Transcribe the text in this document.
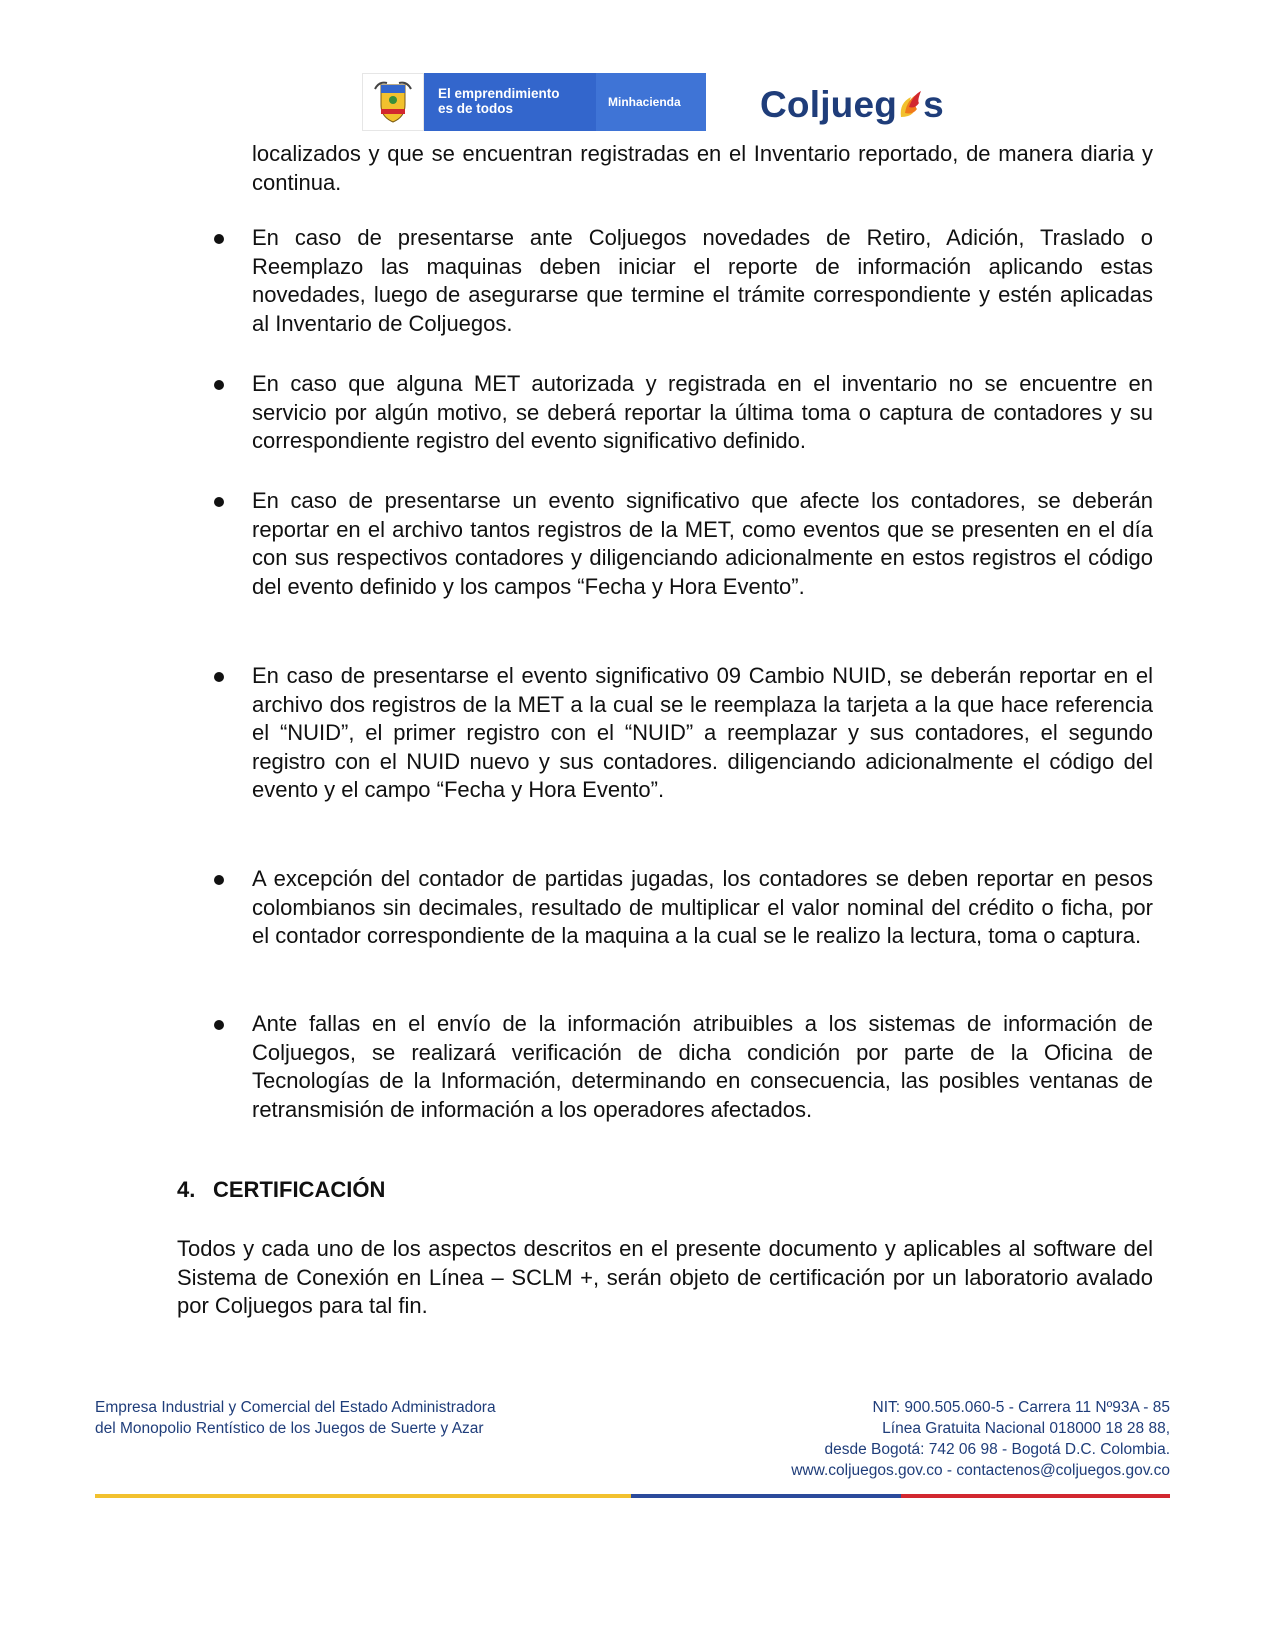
El emprendimiento
es de todos	Minhacienda	Coljueg s
localizados y que se encuentran registradas en el Inventario reportado, de manera diaria y continua.
En caso de presentarse ante Coljuegos novedades de Retiro, Adición, Traslado o Reemplazo las maquinas deben iniciar el reporte de información aplicando estas novedades, luego de asegurarse que termine el trámite correspondiente y estén aplicadas al Inventario de Coljuegos.
En caso que alguna MET autorizada y registrada en el inventario no se encuentre en servicio por algún motivo, se deberá reportar la última toma o captura de contadores y su correspondiente registro del evento significativo definido.
En caso de presentarse un evento significativo que afecte los contadores, se deberán reportar en el archivo tantos registros de la MET, como eventos que se presenten en el día con sus respectivos contadores y diligenciando adicionalmente en estos registros el código del evento definido y los campos “Fecha y Hora Evento”.
En caso de presentarse el evento significativo 09 Cambio NUID, se deberán reportar en el archivo dos registros de la MET a la cual se le reemplaza la tarjeta a la que hace referencia el “NUID”, el primer registro con el “NUID” a reemplazar y sus contadores, el segundo registro con el NUID nuevo y sus contadores. diligenciando adicionalmente el código del evento y el campo “Fecha y Hora Evento”.
A excepción del contador de partidas jugadas, los contadores se deben reportar en pesos colombianos sin decimales, resultado de multiplicar el valor nominal del crédito o ficha, por el contador correspondiente de la maquina a la cual se le realizo la lectura, toma o captura.
Ante fallas en el envío de la información atribuibles a los sistemas de información de Coljuegos, se realizará verificación de dicha condición por parte de la Oficina de Tecnologías de la Información, determinando en consecuencia, las posibles ventanas de retransmisión de información a los operadores afectados.
4. CERTIFICACIÓN
Todos y cada uno de los aspectos descritos en el presente documento y aplicables al software del Sistema de Conexión en Línea – SCLM +, serán objeto de certificación por un laboratorio avalado por Coljuegos para tal fin.
Empresa Industrial y Comercial del Estado Administradora
del Monopolio Rentístico de los Juegos de Suerte y Azar
NIT: 900.505.060-5 - Carrera 11 Nº93A - 85
Línea Gratuita Nacional 018000 18 28 88,
desde Bogotá: 742 06 98 - Bogotá D.C. Colombia.
www.coljuegos.gov.co - contactenos@coljuegos.gov.co
